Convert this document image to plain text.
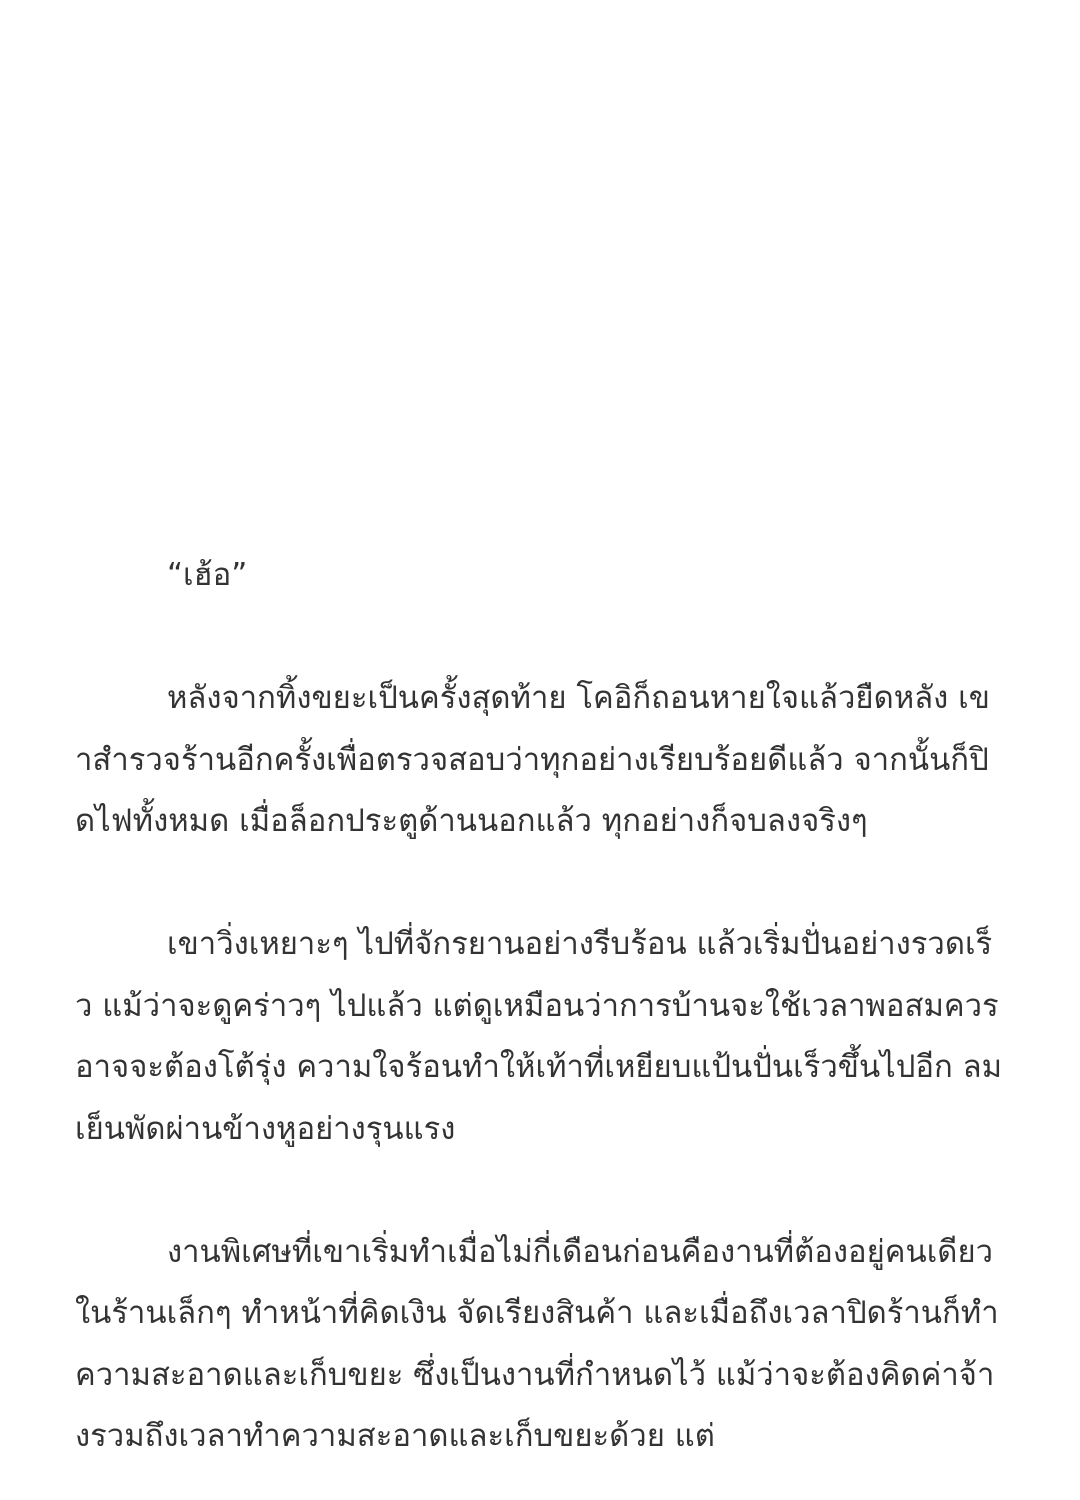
“เฮ้อ”

หลังจากทิ้งขยะเป็นครั้งสุดท้าย โคอิก็ถอนหายใจแล้วยืดหลัง เขาสำรวจร้านอีกครั้งเพื่อตรวจสอบว่าทุกอย่างเรียบร้อยดีแล้ว จากนั้นก็ปิดไฟทั้งหมด เมื่อล็อกประตูด้านนอกแล้ว ทุกอย่างก็จบลงจริงๆ

เขาวิ่งเหยาะๆ ไปที่จักรยานอย่างรีบร้อน แล้วเริ่มปั่นอย่างรวดเร็ว แม้ว่าจะดูคร่าวๆ ไปแล้ว แต่ดูเหมือนว่าการบ้านจะใช้เวลาพอสมควร อาจจะต้องโต้รุ่ง ความใจร้อนทำให้เท้าที่เหยียบแป้นปั่นเร็วขึ้นไปอีก ลมเย็นพัดผ่านข้างหูอย่างรุนแรง

งานพิเศษที่เขาเริ่มทำเมื่อไม่กี่เดือนก่อนคืองานที่ต้องอยู่คนเดียวในร้านเล็กๆ ทำหน้าที่คิดเงิน จัดเรียงสินค้า และเมื่อถึงเวลาปิดร้านก็ทำความสะอาดและเก็บขยะ ซึ่งเป็นงานที่กำหนดไว้ แม้ว่าจะต้องคิดค่าจ้างรวมถึงเวลาทำความสะอาดและเก็บขยะด้วย แต่
